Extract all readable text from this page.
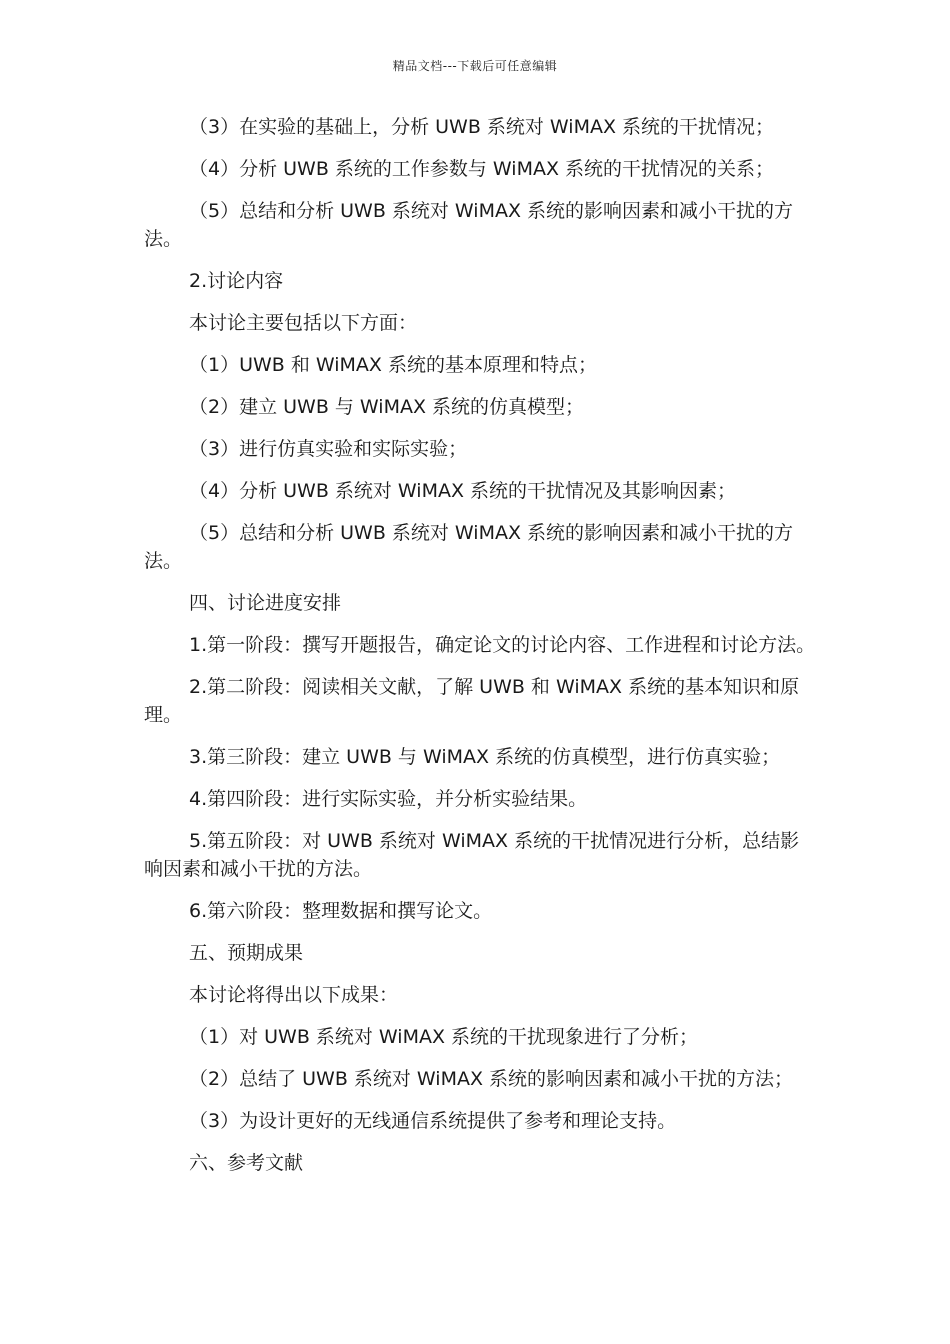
精品文档---下载后可任意编辑

（3）在实验的基础上，分析 UWB 系统对 WiMAX 系统的干扰情况；

（4）分析 UWB 系统的工作参数与 WiMAX 系统的干扰情况的关系；

（5）总结和分析 UWB 系统对 WiMAX 系统的影响因素和减小干扰的方法。

2.讨论内容

本讨论主要包括以下方面：

（1）UWB 和 WiMAX 系统的基本原理和特点；

（2）建立 UWB 与 WiMAX 系统的仿真模型；

（3）进行仿真实验和实际实验；

（4）分析 UWB 系统对 WiMAX 系统的干扰情况及其影响因素；

（5）总结和分析 UWB 系统对 WiMAX 系统的影响因素和减小干扰的方法。

四、讨论进度安排

1.第一阶段：撰写开题报告，确定论文的讨论内容、工作进程和讨论方法。

2.第二阶段：阅读相关文献，了解 UWB 和 WiMAX 系统的基本知识和原理。

3.第三阶段：建立 UWB 与 WiMAX 系统的仿真模型，进行仿真实验；

4.第四阶段：进行实际实验，并分析实验结果。

5.第五阶段：对 UWB 系统对 WiMAX 系统的干扰情况进行分析，总结影响因素和减小干扰的方法。

6.第六阶段：整理数据和撰写论文。

五、预期成果

本讨论将得出以下成果：

（1）对 UWB 系统对 WiMAX 系统的干扰现象进行了分析；

（2）总结了 UWB 系统对 WiMAX 系统的影响因素和减小干扰的方法；

（3）为设计更好的无线通信系统提供了参考和理论支持。

六、参考文献
